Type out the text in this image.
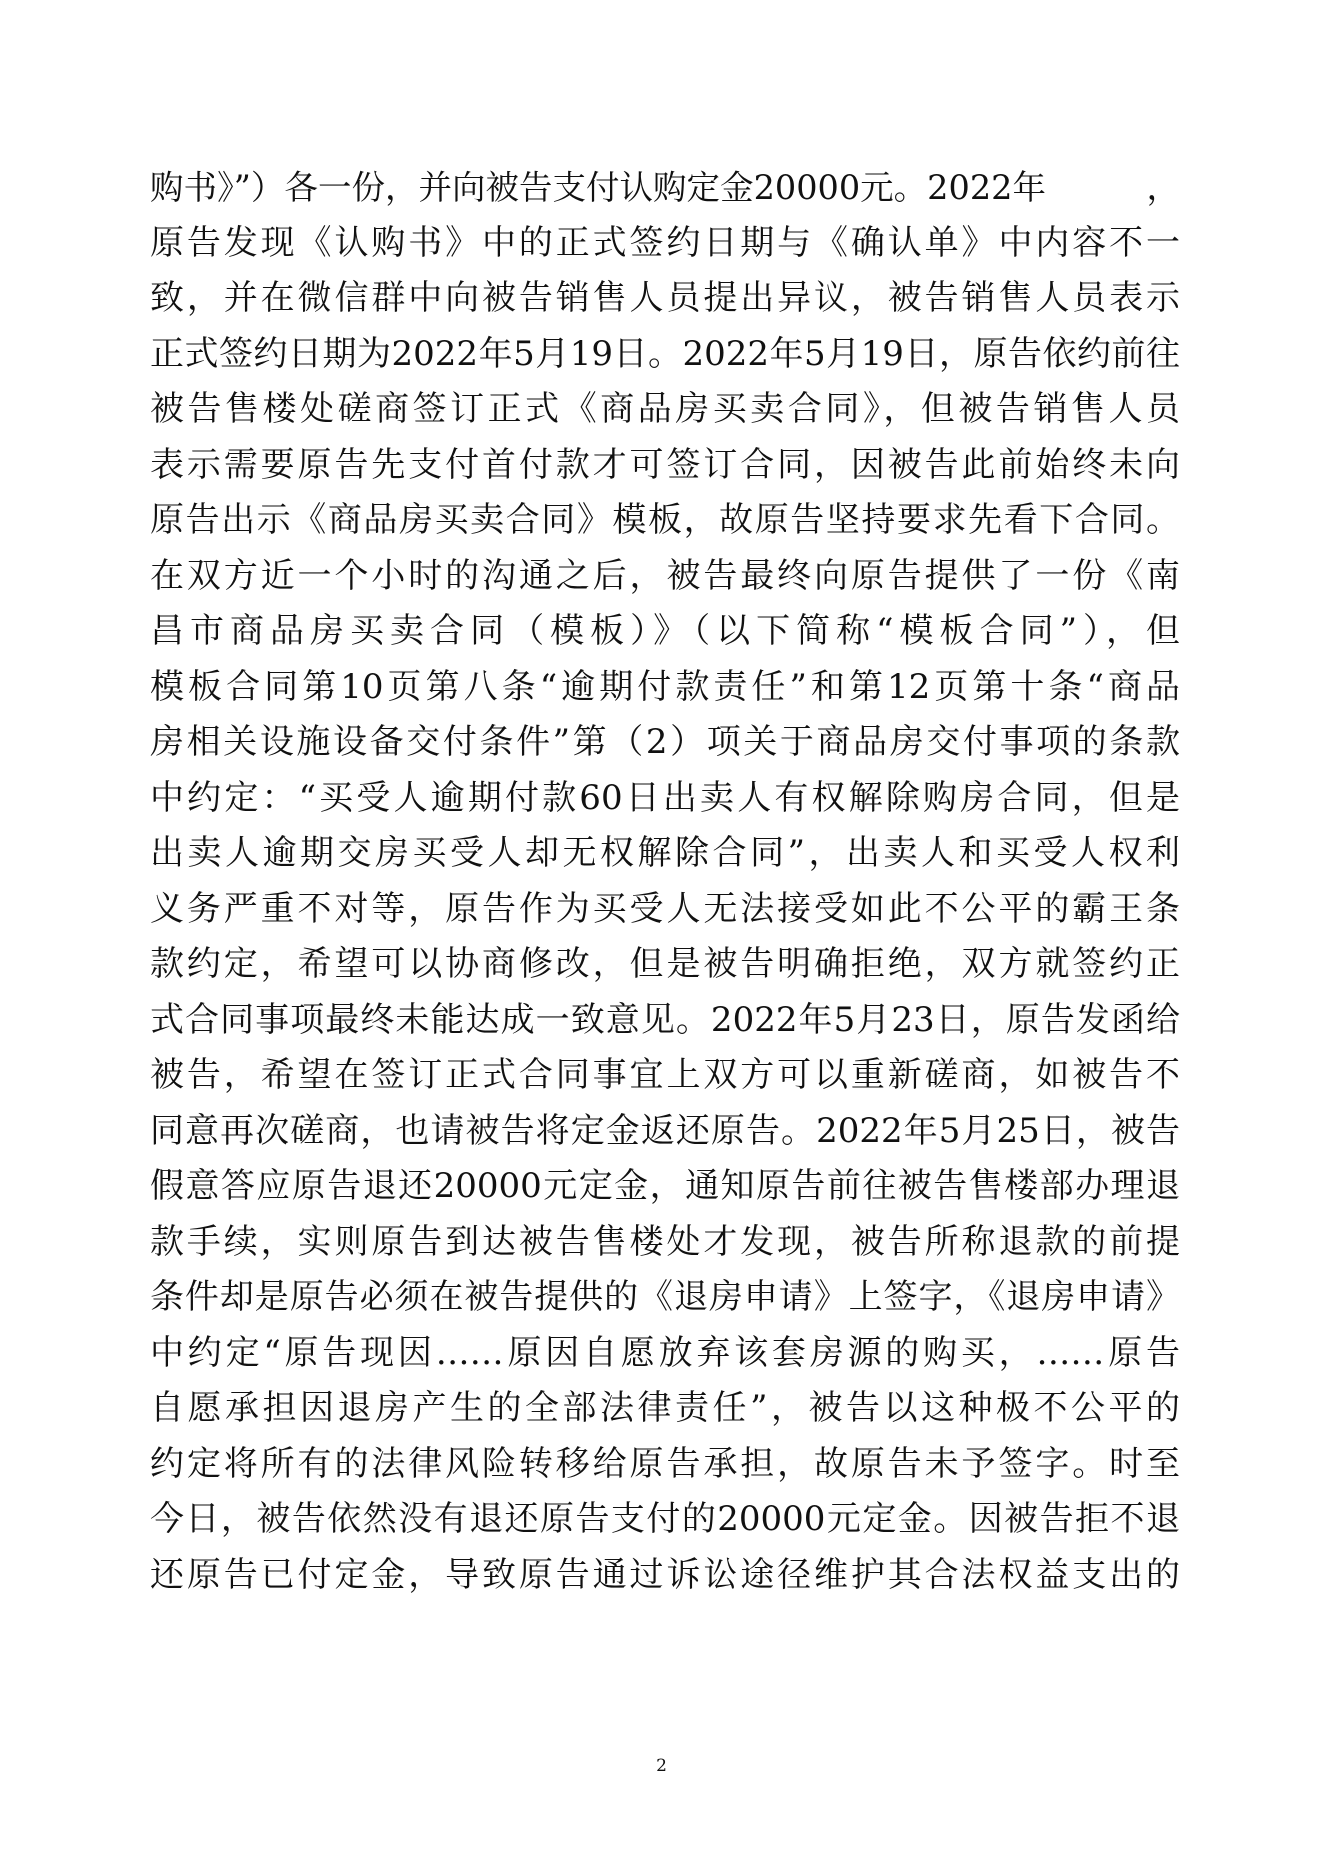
购书》”）各一份，并向被告支付认购定金20000元。2022年　　　，
原告发现《认购书》中的正式签约日期与《确认单》中内容不一
致，并在微信群中向被告销售人员提出异议，被告销售人员表示
正式签约日期为2022年5月19日。2022年5月19日，原告依约前往
被告售楼处磋商签订正式《商品房买卖合同》，但被告销售人员
表示需要原告先支付首付款才可签订合同，因被告此前始终未向
原告出示《商品房买卖合同》模板，故原告坚持要求先看下合同。
在双方近一个小时的沟通之后，被告最终向原告提供了一份《南
昌市商品房买卖合同（模板）》（以下简称“模板合同”），但
模板合同第10页第八条“逾期付款责任”和第12页第十条“商品
房相关设施设备交付条件”第（2）项关于商品房交付事项的条款
中约定：“买受人逾期付款60日出卖人有权解除购房合同，但是
出卖人逾期交房买受人却无权解除合同”，出卖人和买受人权利
义务严重不对等，原告作为买受人无法接受如此不公平的霸王条
款约定，希望可以协商修改，但是被告明确拒绝，双方就签约正
式合同事项最终未能达成一致意见。2022年5月23日，原告发函给
被告，希望在签订正式合同事宜上双方可以重新磋商，如被告不
同意再次磋商，也请被告将定金返还原告。2022年5月25日，被告
假意答应原告退还20000元定金，通知原告前往被告售楼部办理退
款手续，实则原告到达被告售楼处才发现，被告所称退款的前提
条件却是原告必须在被告提供的《退房申请》上签字，《退房申请》
中约定“原告现因……原因自愿放弃该套房源的购买，……原告
自愿承担因退房产生的全部法律责任”，被告以这种极不公平的
约定将所有的法律风险转移给原告承担，故原告未予签字。时至
今日，被告依然没有退还原告支付的20000元定金。因被告拒不退
还原告已付定金，导致原告通过诉讼途径维护其合法权益支出的
2
